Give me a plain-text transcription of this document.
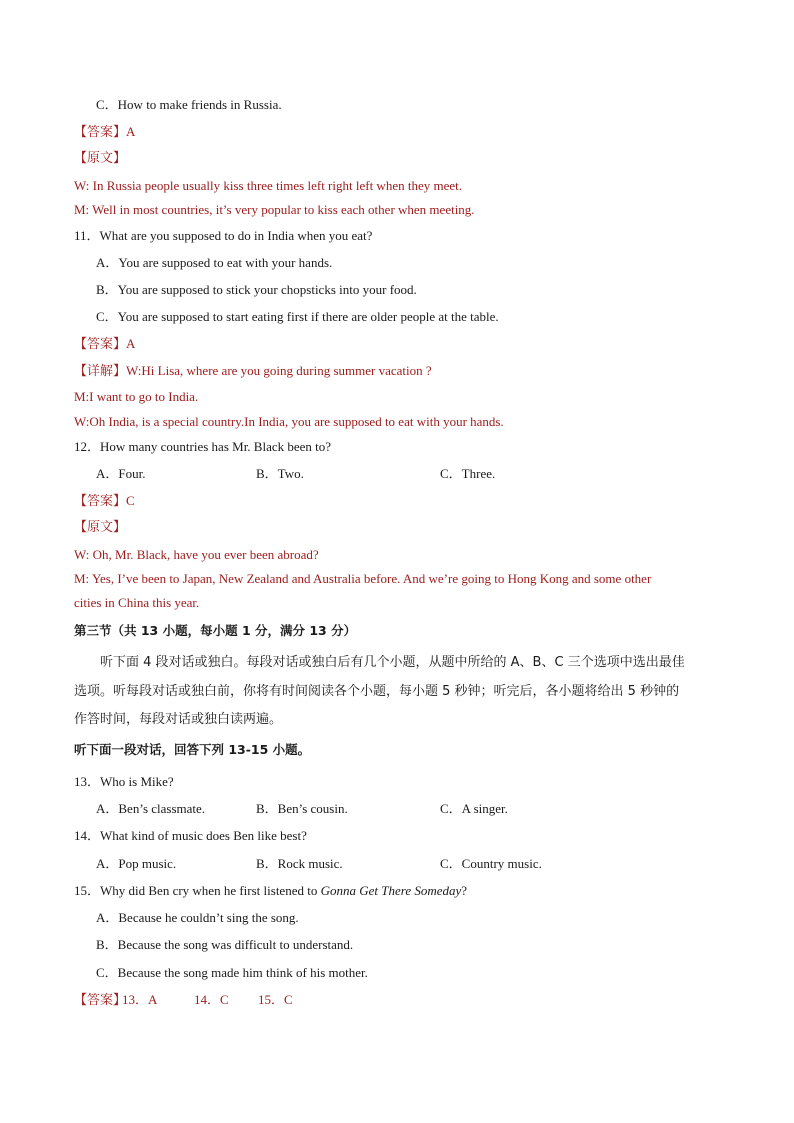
C．How to make friends in Russia.
【答案】A
【原文】
W: In Russia people usually kiss three times left right left when they meet.
M: Well in most countries, it’s very popular to kiss each other when meeting.
11．What are you supposed to do in India when you eat?
A．You are supposed to eat with your hands.
B．You are supposed to stick your chopsticks into your food.
C．You are supposed to start eating first if there are older people at the table.
【答案】A
【详解】W:Hi Lisa, where are you going during summer vacation ?
M:I want to go to India.
W:Oh India, is a special country.In India, you are supposed to eat with your hands.
12．How many countries has Mr. Black been to?
A．Four.	B．Two.	C．Three.
【答案】C
【原文】
W: Oh, Mr. Black, have you ever been abroad?
M: Yes, I’ve been to Japan, New Zealand and Australia before. And we’re going to Hong Kong and some other
cities in China this year.
第三节（共 13 小题，每小题 1 分，满分 13 分）
听下面 4 段对话或独白。每段对话或独白后有几个小题，从题中所给的 A、B、C 三个选项中选出最佳
选项。听每段对话或独白前，你将有时间阅读各个小题，每小题 5 秒钟；听完后，各小题将给出 5 秒钟的
作答时间，每段对话或独白读两遍。
听下面一段对话，回答下列 13-15 小题。
13．Who is Mike?
A．Ben’s classmate.	B．Ben’s cousin.	C．A singer.
14．What kind of music does Ben like best?
A．Pop music.	B．Rock music.	C．Country music.
15．Why did Ben cry when he first listened to Gonna Get There Someday?
A．Because he couldn’t sing the song.
B．Because the song was difficult to understand.
C．Because the song made him think of his mother.
【答案】
13．A	14．C 15．C
